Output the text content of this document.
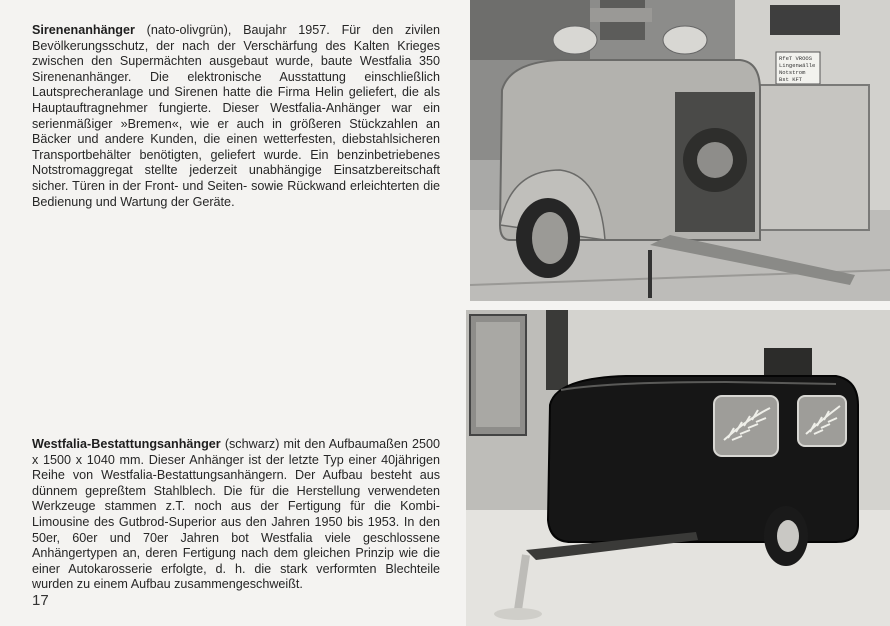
Sirenenanhänger (nato-olivgrün), Baujahr 1957. Für den zivilen Bevölkerungsschutz, der nach der Verschärfung des Kalten Krieges zwischen den Supermächten ausgebaut wurde, baute Westfalia 350 Sirenenanhänger. Die elektronische Ausstattung einschließlich Lautsprecheranlage und Sirenen hatte die Firma Helin geliefert, die als Hauptauftragnehmer fungierte. Dieser Westfalia-Anhänger war ein serienmäßiger »Bremen«, wie er auch in größeren Stückzahlen an Bäcker und andere Kunden, die einen wetterfesten, diebstahlsicheren Transportbehälter benötigten, geliefert wurde. Ein benzinbetriebenes Notstromaggregat stellte jederzeit unabhängige Einsatzbereitschaft sicher. Türen in der Front- und Seiten- sowie Rückwand erleichterten die Bedienung und Wartung der Geräte.
Westfalia-Bestattungsanhänger (schwarz) mit den Aufbaumaßen 2500 x 1500 x 1040 mm. Dieser Anhänger ist der letzte Typ einer 40jährigen Reihe von Westfalia-Bestattungsanhängern. Der Aufbau besteht aus dünnem gepreßtem Stahlblech. Die für die Herstellung verwendeten Werkzeuge stammen z.T. noch aus der Fertigung für die Kombi-Limousine des Gutbrod-Superior aus den Jahren 1950 bis 1953. In den 50er, 60er und 70er Jahren bot Westfalia viele geschlossene Anhängertypen an, deren Fertigung nach dem gleichen Prinzip wie die einer Autokarosserie erfolgte, d. h. die stark verformten Blechteile wurden zu einem Aufbau zusammengeschweißt.
17
RfeT VROOS
Lingenwälle
Notstrom
Bst KFT
